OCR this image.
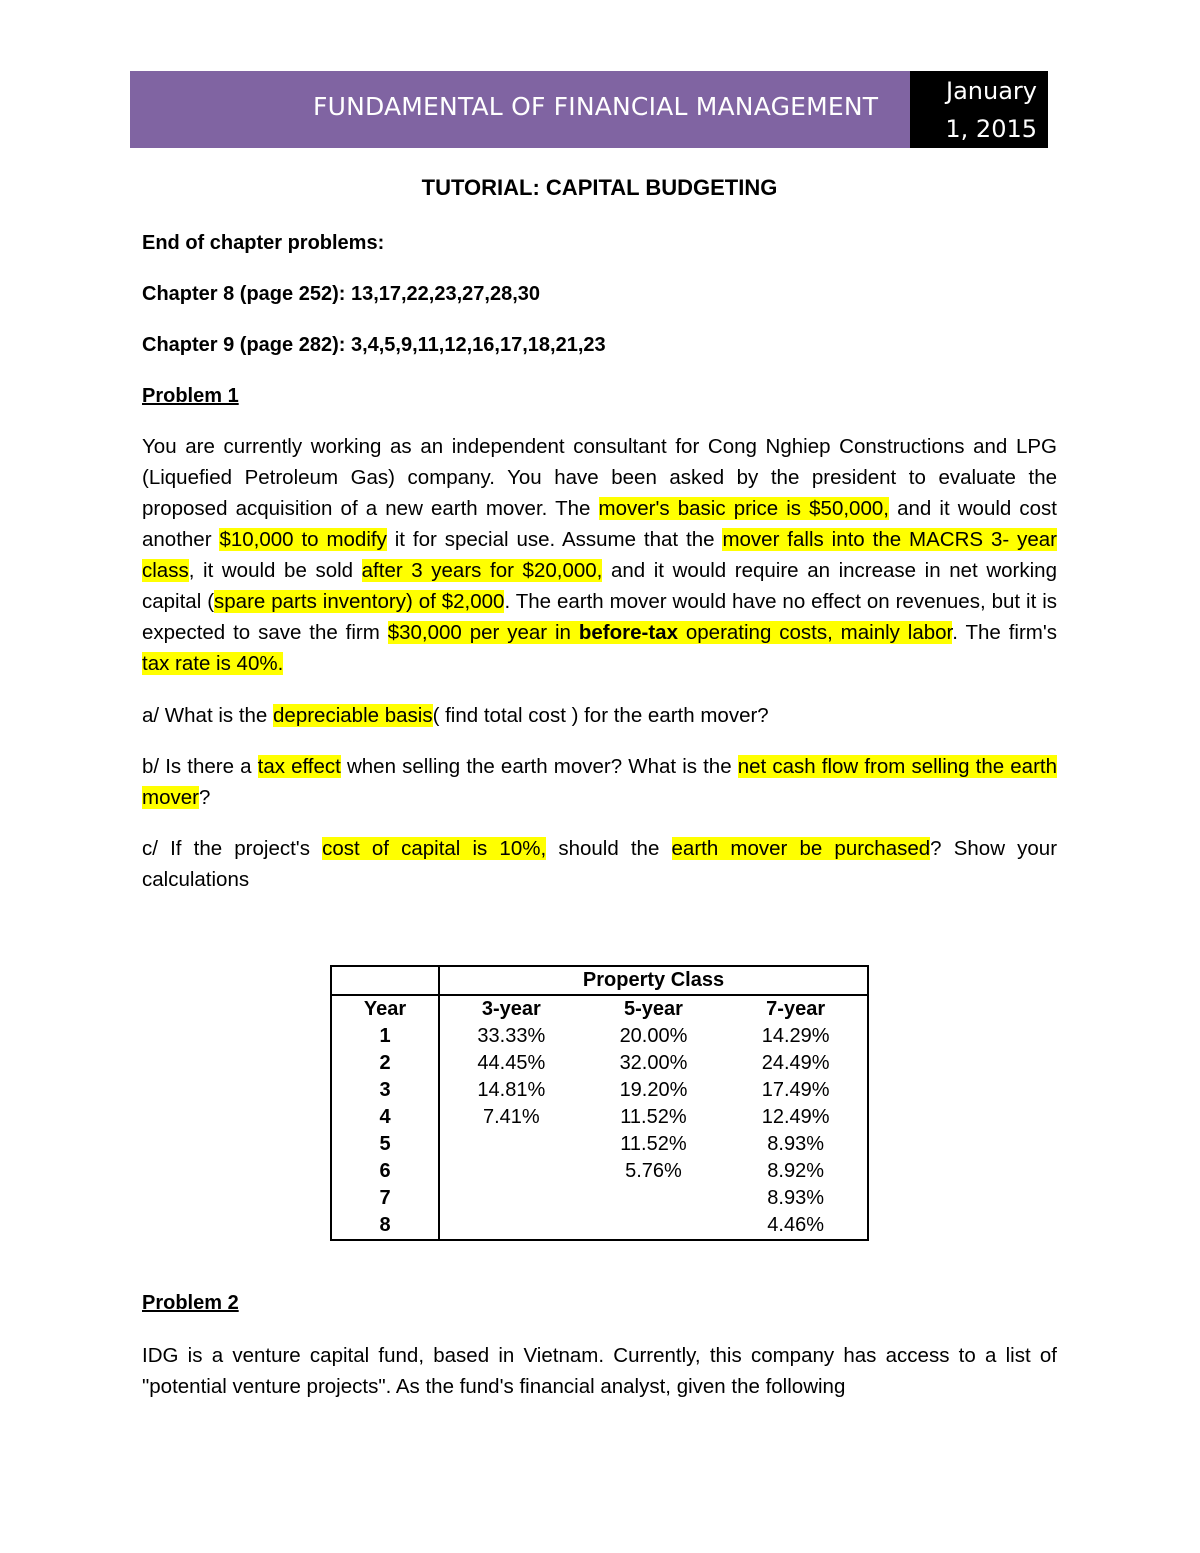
FUNDAMENTAL OF FINANCIAL MANAGEMENT
January
1, 2015
TUTORIAL: CAPITAL BUDGETING

End of chapter problems:

Chapter 8 (page 252): 13,17,22,23,27,28,30

Chapter 9 (page 282): 3,4,5,9,11,12,16,17,18,21,23

Problem 1

You are currently working as an independent consultant for Cong Nghiep Constructions and LPG (Liquefied Petroleum Gas) company. You have been asked by the president to evaluate the proposed acquisition of a new earth mover. The mover's basic price is $50,000, and it would cost another $10,000 to modify it for special use. Assume that the mover falls into the MACRS 3- year class, it would be sold after 3 years for $20,000, and it would require an increase in net working capital (spare parts inventory) of $2,000. The earth mover would have no effect on revenues, but it is expected to save the firm $30,000 per year in before-tax operating costs, mainly labor. The firm's tax rate is 40%.

a/ What is the depreciable basis( find total cost ) for the earth mover?

b/ Is there a tax effect when selling the earth mover? What is the net cash flow from selling the earth mover?

c/ If the project's cost of capital is 10%, should the earth mover be purchased? Show your calculations

Problem 2

IDG is a venture capital fund, based in Vietnam. Currently, this company has access to a list of "potential venture projects". As the fund's financial analyst, given the following

	Property Class		
Year	3-year	5-year	7-year
1	33.33%	20.00%	14.29%
2	44.45%	32.00%	24.49%
3	14.81%	19.20%	17.49%
4	7.41%	11.52%	12.49%
5		11.52%	8.93%
6		5.76%	8.92%
7			8.93%
8			4.46%
